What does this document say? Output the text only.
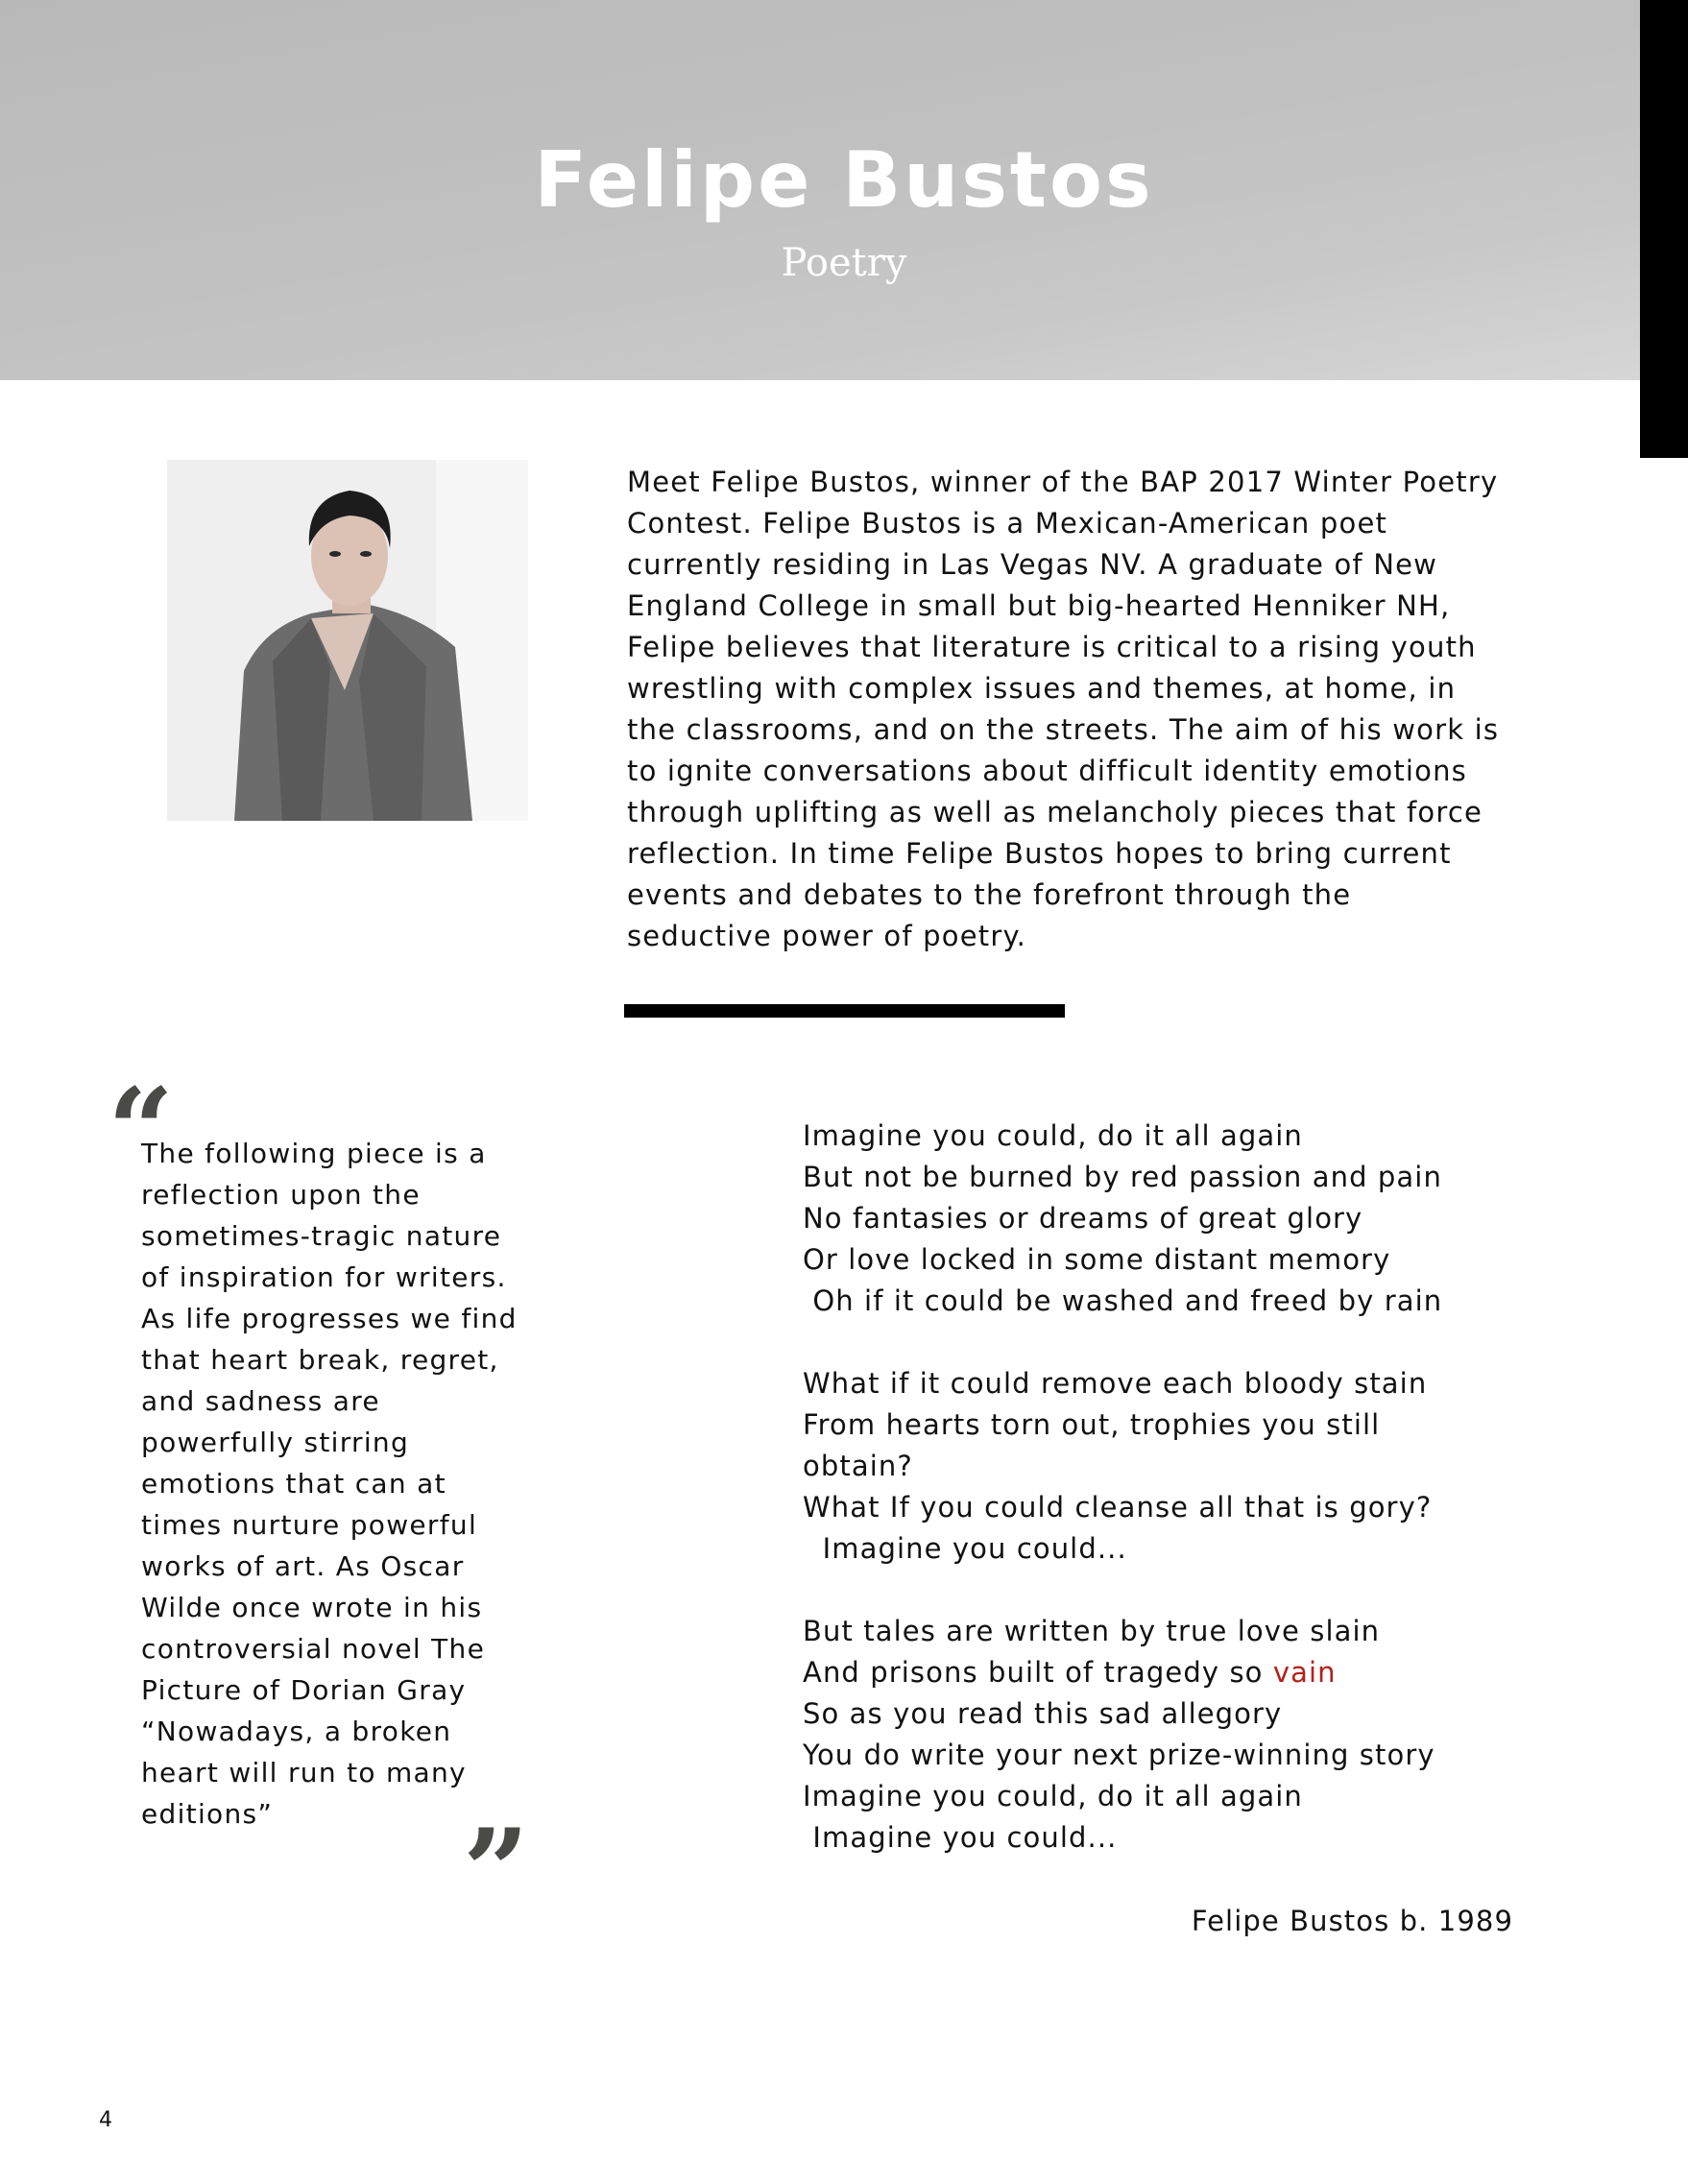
Felipe Bustos
Poetry
Meet Felipe Bustos, winner of the BAP 2017 Winter Poetry
Contest. Felipe Bustos is a Mexican-American poet
currently residing in Las Vegas NV. A graduate of New
England College in small but big-hearted Henniker NH,
Felipe believes that literature is critical to a rising youth
wrestling with complex issues and themes, at home, in
the classrooms, and on the streets. The aim of his work is
to ignite conversations about difficult identity emotions
through uplifting as well as melancholy pieces that force
reflection. In time Felipe Bustos hopes to bring current
events and debates to the forefront through the
seductive power of poetry.
“
The following piece is a
reflection upon the
sometimes-tragic nature
of inspiration for writers.
As life progresses we find
that heart break, regret,
and sadness are
powerfully stirring
emotions that can at
times nurture powerful
works of art. As Oscar
Wilde once wrote in his
controversial novel The
Picture of Dorian Gray
“Nowadays, a broken
heart will run to many
editions”	”
Imagine you could, do it all again
But not be burned by red passion and pain
No fantasies or dreams of great glory
Or love locked in some distant memory
Oh if it could be washed and freed by rain
What if it could remove each bloody stain
From hearts torn out, trophies you still
obtain?
What If you could cleanse all that is gory?
Imagine you could...
But tales are written by true love slain
And prisons built of tragedy so vain
So as you read this sad allegory
You do write your next prize-winning story
Imagine you could, do it all again
Imagine you could...
Felipe Bustos b. 1989
4
